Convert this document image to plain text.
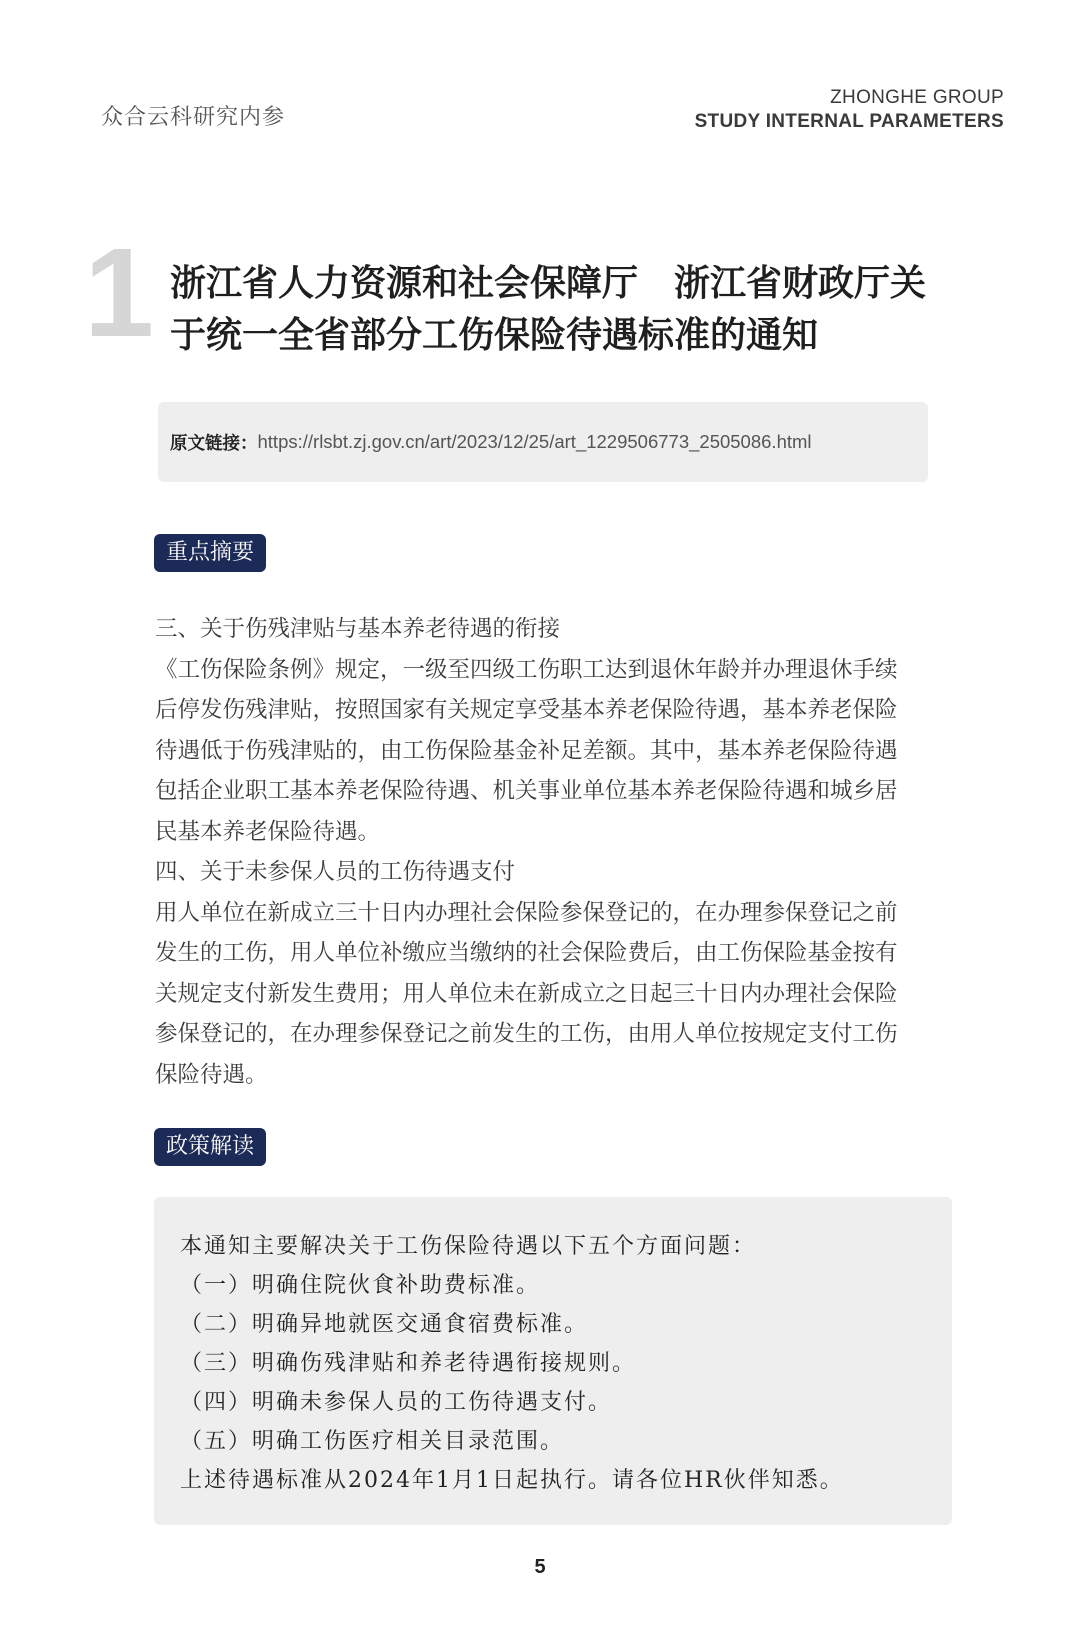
众合云科研究内参
ZHONGHE GROUP
STUDY INTERNAL PARAMETERS
1 浙江省人力资源和社会保障厅　浙江省财政厅关于统一全省部分工伤保险待遇标准的通知
原文链接： https://rlsbt.zj.gov.cn/art/2023/12/25/art_1229506773_2505086.html
重点摘要

三、关于伤残津贴与基本养老待遇的衔接

《工伤保险条例》规定，一级至四级工伤职工达到退休年龄并办理退休手续后停发伤残津贴，按照国家有关规定享受基本养老保险待遇，基本养老保险待遇低于伤残津贴的，由工伤保险基金补足差额。其中，基本养老保险待遇包括企业职工基本养老保险待遇、机关事业单位基本养老保险待遇和城乡居民基本养老保险待遇。

四、关于未参保人员的工伤待遇支付

用人单位在新成立三十日内办理社会保险参保登记的，在办理参保登记之前发生的工伤，用人单位补缴应当缴纳的社会保险费后，由工伤保险基金按有关规定支付新发生费用；用人单位未在新成立之日起三十日内办理社会保险参保登记的，在办理参保登记之前发生的工伤，由用人单位按规定支付工伤保险待遇。

政策解读

本通知主要解决关于工伤保险待遇以下五个方面问题：

（一）明确住院伙食补助费标准。

（二）明确异地就医交通食宿费标准。

（三）明确伤残津贴和养老待遇衔接规则。

（四）明确未参保人员的工伤待遇支付。

（五）明确工伤医疗相关目录范围。

上述待遇标准从2024年1月1日起执行。请各位HR伙伴知悉。

5
